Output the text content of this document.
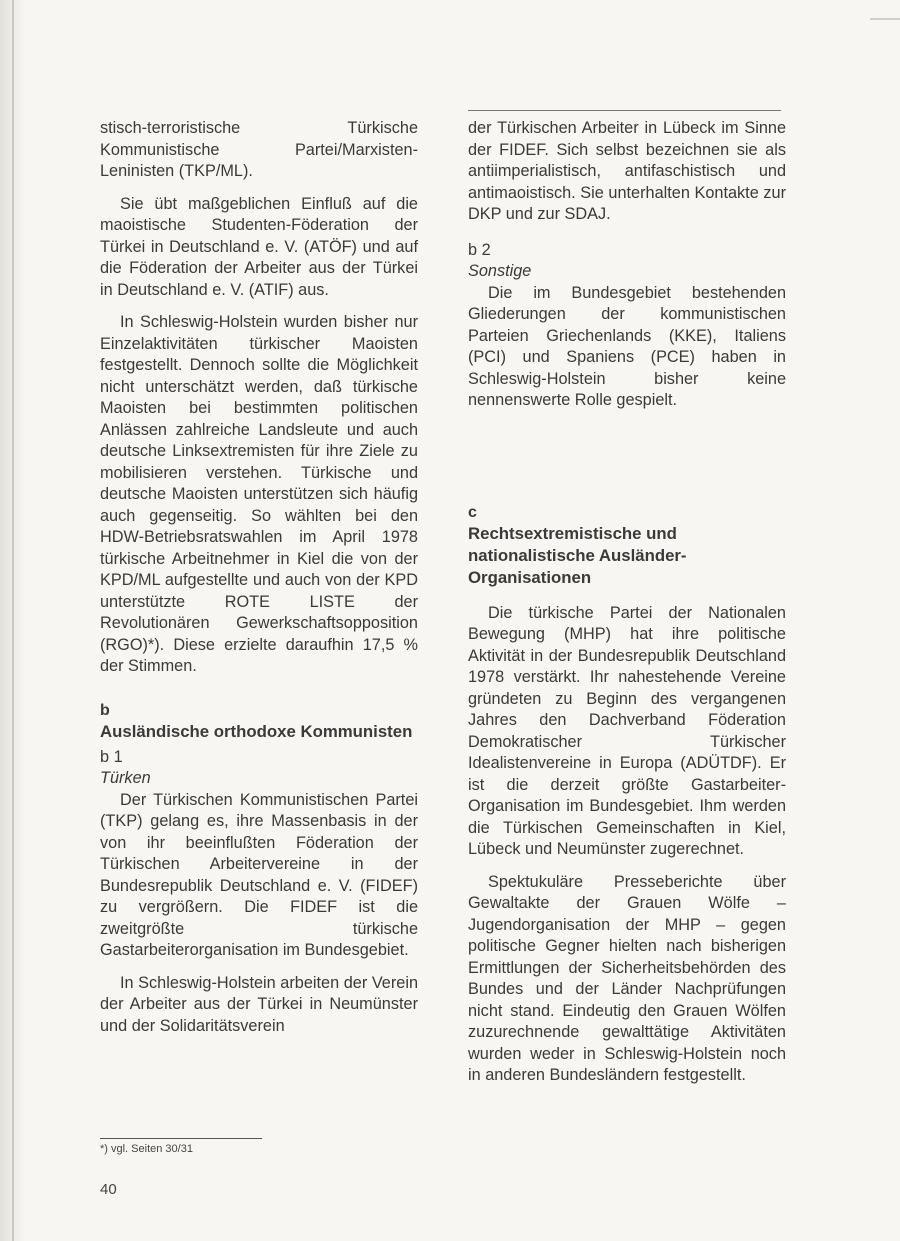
stisch-terroristische Türkische Kommunistische Partei/Marxisten-Leninisten (TKP/ML).

Sie übt maßgeblichen Einfluß auf die maoistische Studenten-Föderation der Türkei in Deutschland e. V. (ATÖF) und auf die Föderation der Arbeiter aus der Türkei in Deutschland e. V. (ATIF) aus.

In Schleswig-Holstein wurden bisher nur Einzelaktivitäten türkischer Maoisten festgestellt. Dennoch sollte die Möglichkeit nicht unterschätzt werden, daß türkische Maoisten bei bestimmten politischen Anlässen zahlreiche Landsleute und auch deutsche Linksextremisten für ihre Ziele zu mobilisieren verstehen. Türkische und deutsche Maoisten unterstützen sich häufig auch gegenseitig. So wählten bei den HDW-Betriebsratswahlen im April 1978 türkische Arbeitnehmer in Kiel die von der KPD/ML aufgestellte und auch von der KPD unterstützte ROTE LISTE der Revolutionären Gewerkschaftsopposition (RGO)*). Diese erzielte daraufhin 17,5 % der Stimmen.

b
Ausländische orthodoxe Kommunisten
b 1
Türken

Der Türkischen Kommunistischen Partei (TKP) gelang es, ihre Massenbasis in der von ihr beeinflußten Föderation der Türkischen Arbeitervereine in der Bundesrepublik Deutschland e. V. (FIDEF) zu vergrößern. Die FIDEF ist die zweitgrößte türkische Gastarbeiterorganisation im Bundesgebiet.

In Schleswig-Holstein arbeiten der Verein der Arbeiter aus der Türkei in Neumünster und der Solidaritätsverein

der Türkischen Arbeiter in Lübeck im Sinne der FIDEF. Sich selbst bezeichnen sie als antiimperialistisch, antifaschistisch und antimaoistisch. Sie unterhalten Kontakte zur DKP und zur SDAJ.

b 2
Sonstige

Die im Bundesgebiet bestehenden Gliederungen der kommunistischen Parteien Griechenlands (KKE), Italiens (PCI) und Spaniens (PCE) haben in Schleswig-Holstein bisher keine nennenswerte Rolle gespielt.

c
Rechtsextremistische und nationalistische Ausländer-Organisationen

Die türkische Partei der Nationalen Bewegung (MHP) hat ihre politische Aktivität in der Bundesrepublik Deutschland 1978 verstärkt. Ihr nahestehende Vereine gründeten zu Beginn des vergangenen Jahres den Dachverband Föderation Demokratischer Türkischer Idealistenvereine in Europa (ADÜTDF). Er ist die derzeit größte Gastarbeiter-Organisation im Bundesgebiet. Ihm werden die Türkischen Gemeinschaften in Kiel, Lübeck und Neumünster zugerechnet.

Spektukuläre Presseberichte über Gewaltakte der Grauen Wölfe – Jugendorganisation der MHP – gegen politische Gegner hielten nach bisherigen Ermittlungen der Sicherheitsbehörden des Bundes und der Länder Nachprüfungen nicht stand. Eindeutig den Grauen Wölfen zuzurechnende gewalttätige Aktivitäten wurden weder in Schleswig-Holstein noch in anderen Bundesländern festgestellt.

*) vgl. Seiten 30/31
40
